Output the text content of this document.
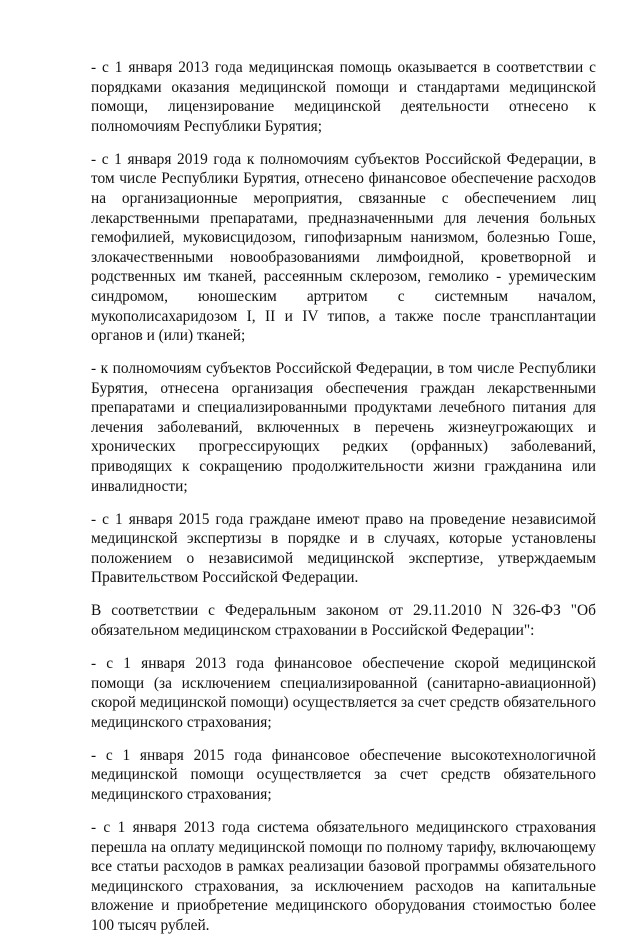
- с 1 января 2013 года медицинская помощь оказывается в соответствии с порядками оказания медицинской помощи и стандартами медицинской помощи, лицензирование медицинской деятельности отнесено к полномочиям Республики Бурятия;

- с 1 января 2019 года к полномочиям субъектов Российской Федерации, в том числе Республики Бурятия, отнесено финансовое обеспечение расходов на организационные мероприятия, связанные с обеспечением лиц лекарственными препаратами, предназначенными для лечения больных гемофилией, муковисцидозом, гипофизарным нанизмом, болезнью Гоше, злокачественными новообразованиями лимфоидной, кроветворной и родственных им тканей, рассеянным склерозом, гемолико - уремическим синдромом, юношеским артритом с системным началом, мукополисахаридозом I, II и IV типов, а также после трансплантации органов и (или) тканей;

- к полномочиям субъектов Российской Федерации, в том числе Республики Бурятия, отнесена организация обеспечения граждан лекарственными препаратами и специализированными продуктами лечебного питания для лечения заболеваний, включенных в перечень жизнеугрожающих и хронических прогрессирующих редких (орфанных) заболеваний, приводящих к сокращению продолжительности жизни гражданина или инвалидности;

- с 1 января 2015 года граждане имеют право на проведение независимой медицинской экспертизы в порядке и в случаях, которые установлены положением о независимой медицинской экспертизе, утверждаемым Правительством Российской Федерации.

В соответствии с Федеральным законом от 29.11.2010 N 326-ФЗ "Об обязательном медицинском страховании в Российской Федерации":

- с 1 января 2013 года финансовое обеспечение скорой медицинской помощи (за исключением специализированной (санитарно-авиационной) скорой медицинской помощи) осуществляется за счет средств обязательного медицинского страхования;

- с 1 января 2015 года финансовое обеспечение высокотехнологичной медицинской помощи осуществляется за счет средств обязательного медицинского страхования;

- с 1 января 2013 года система обязательного медицинского страхования перешла на оплату медицинской помощи по полному тарифу, включающему все статьи расходов в рамках реализации базовой программы обязательного медицинского страхования, за исключением расходов на капитальные вложение и приобретение медицинского оборудования стоимостью более 100 тысяч рублей.
